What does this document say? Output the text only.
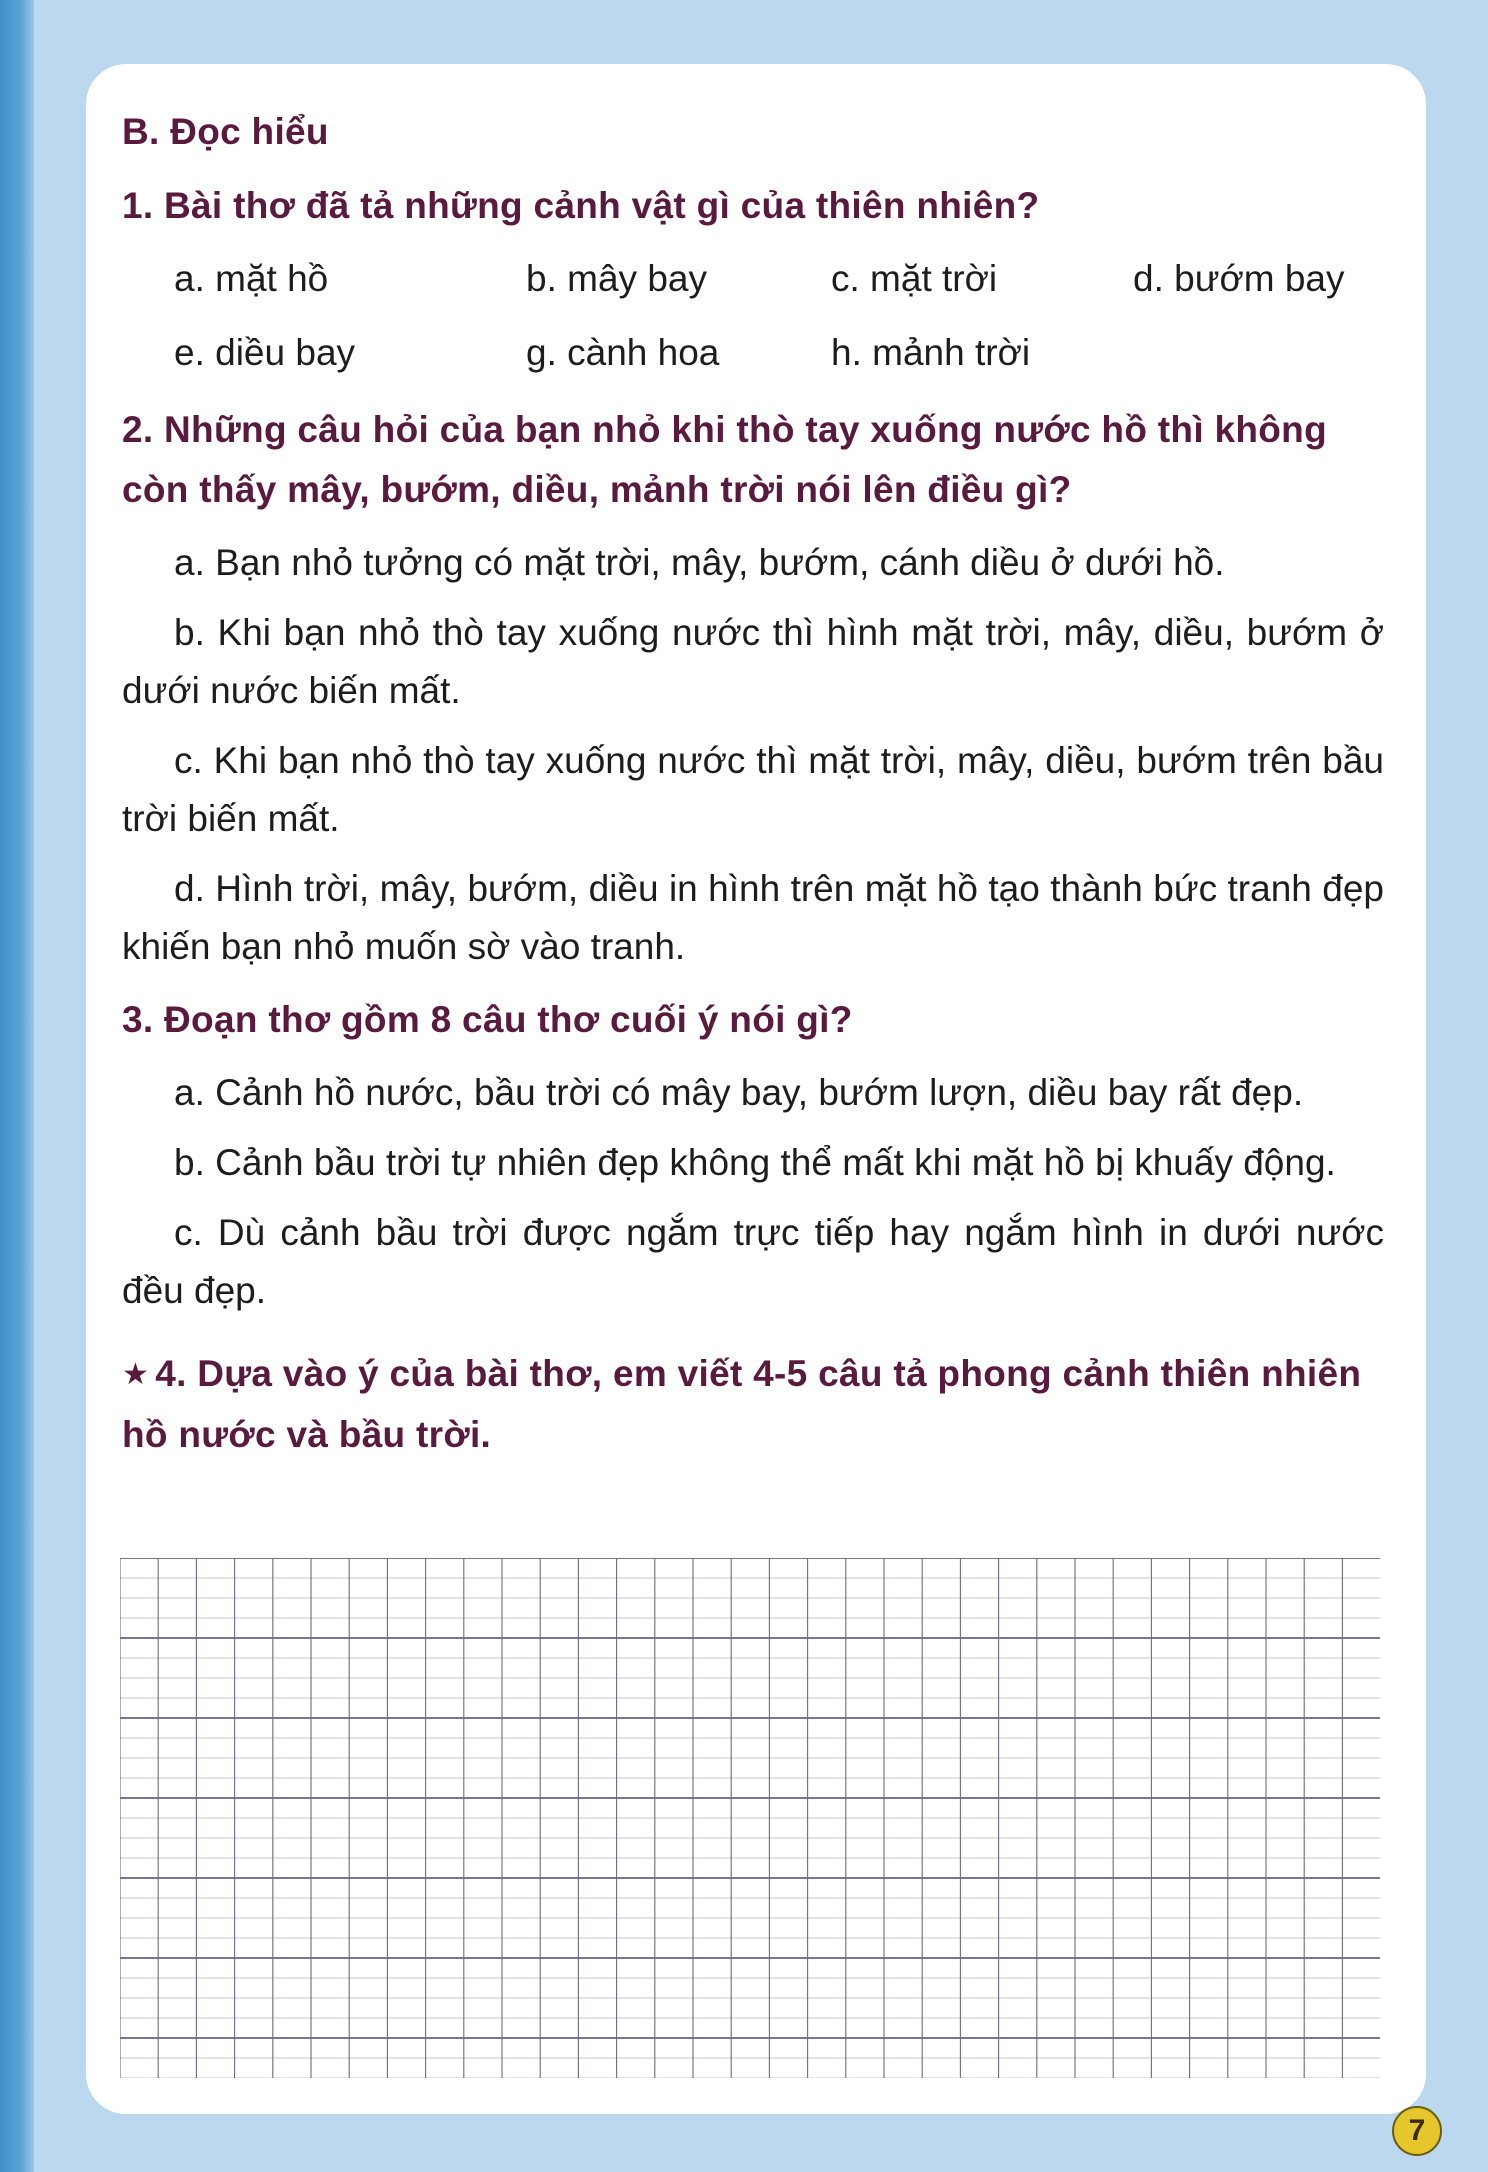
B. Đọc hiểu

1. Bài thơ đã tả những cảnh vật gì của thiên nhiên?

a. mặt hồ	b. mây bay	c. mặt trời	d. bướm bay
e. diều bay	g. cành hoa	h. mảnh trời

2. Những câu hỏi của bạn nhỏ khi thò tay xuống nước hồ thì không còn thấy mây, bướm, diều, mảnh trời nói lên điều gì?

a. Bạn nhỏ tưởng có mặt trời, mây, bướm, cánh diều ở dưới hồ.

b. Khi bạn nhỏ thò tay xuống nước thì hình mặt trời, mây, diều, bướm ở dưới nước biến mất.

c. Khi bạn nhỏ thò tay xuống nước thì mặt trời, mây, diều, bướm trên bầu trời biến mất.

d. Hình trời, mây, bướm, diều in hình trên mặt hồ tạo thành bức tranh đẹp khiến bạn nhỏ muốn sờ vào tranh.

3. Đoạn thơ gồm 8 câu thơ cuối ý nói gì?

a. Cảnh hồ nước, bầu trời có mây bay, bướm lượn, diều bay rất đẹp.

b. Cảnh bầu trời tự nhiên đẹp không thể mất khi mặt hồ bị khuấy động.

c. Dù cảnh bầu trời được ngắm trực tiếp hay ngắm hình in dưới nước đều đẹp.

★ 4. Dựa vào ý của bài thơ, em viết 4-5 câu tả phong cảnh thiên nhiên hồ nước và bầu trời.

7
